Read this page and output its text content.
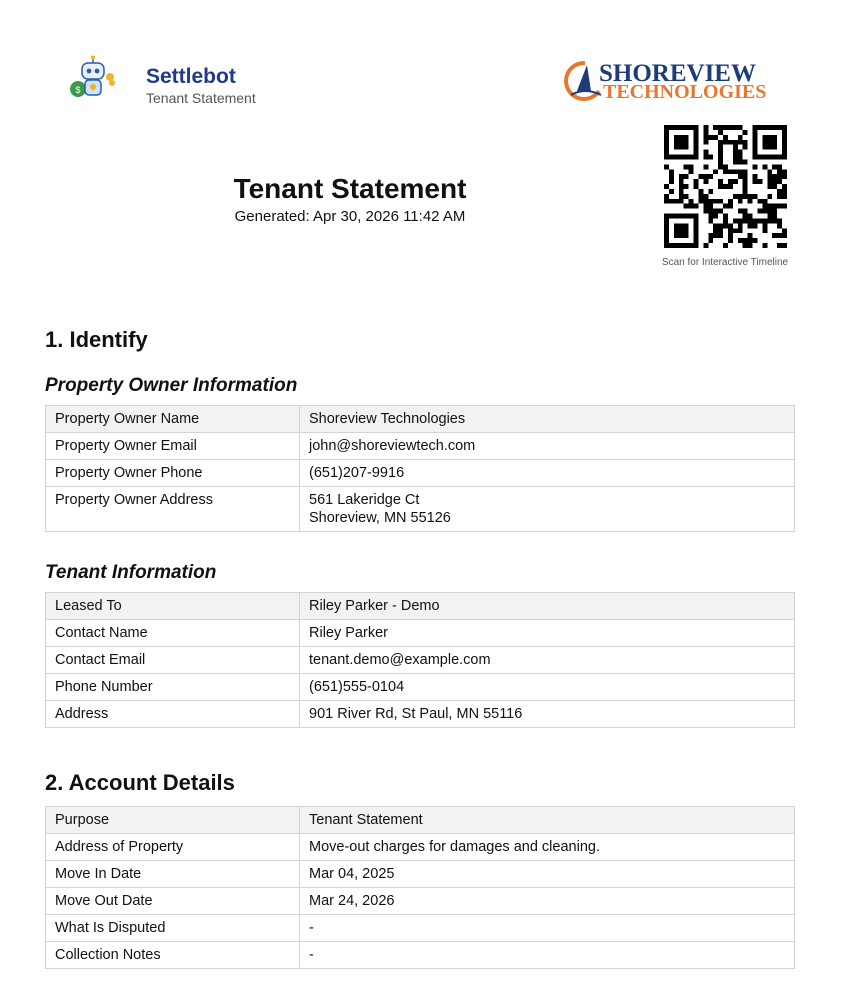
$
Settlebot
Tenant Statement
SHOREVIEW
TECHNOLOGIES
Scan for Interactive Timeline
Tenant Statement
Generated: Apr 30, 2026 11:42 AM
1. Identify
Property Owner Information
Property Owner Name	Shoreview Technologies
Property Owner Email	john@shoreviewtech.com
Property Owner Phone	(651)207-9916
Property Owner Address	561 Lakeridge Ct
Shoreview, MN 55126
Tenant Information
Leased To	Riley Parker - Demo
Contact Name	Riley Parker
Contact Email	tenant.demo@example.com
Phone Number	(651)555-0104
Address	901 River Rd, St Paul, MN 55116
2. Account Details
Purpose	Tenant Statement
Address of Property	Move-out charges for damages and cleaning.
Move In Date	Mar 04, 2025
Move Out Date	Mar 24, 2026
What Is Disputed	-
Collection Notes	-
